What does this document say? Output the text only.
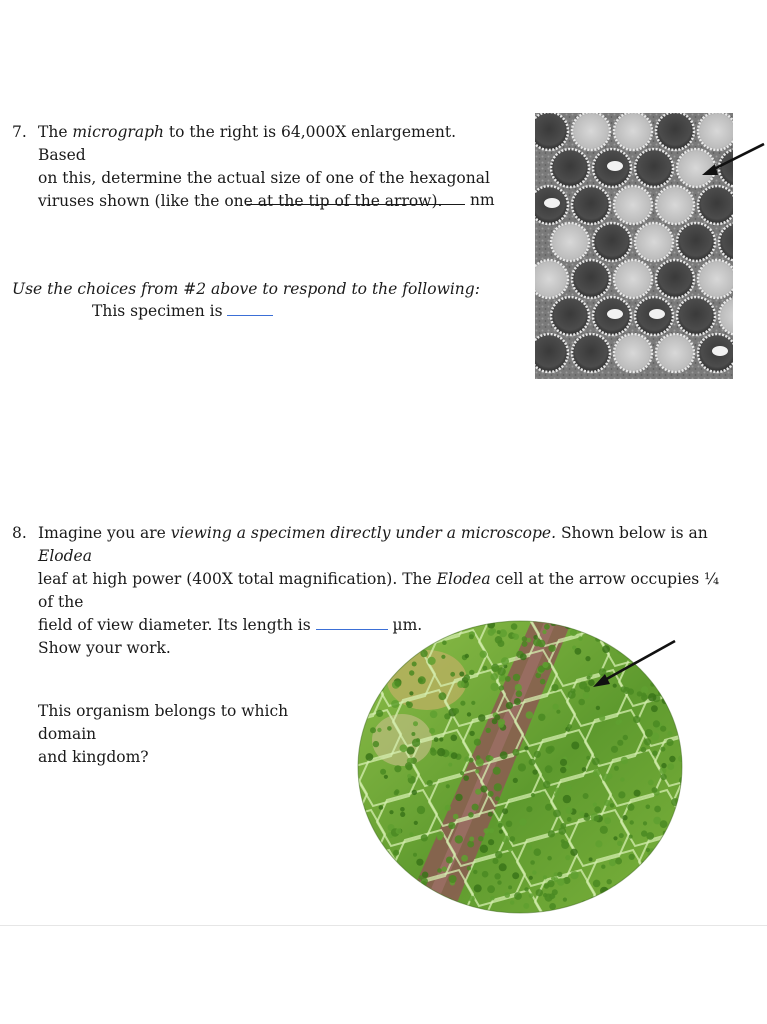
7. The micrograph to the right is 64,000X enlargement. Based
on this, determine the actual size of one of the hexagonal
viruses shown (like the one at the tip of the arrow).	nm
Use the choices from #2 above to respond to the following:
This specimen is
8. Imagine you are viewing a specimen directly under a microscope. Shown below is an Elodea
leaf at high power (400X total magnification). The Elodea cell at the arrow occupies ¼ of the
field of view diameter. Its length is	µm.
Show your work.
This organism belongs to which domain
and kingdom?
